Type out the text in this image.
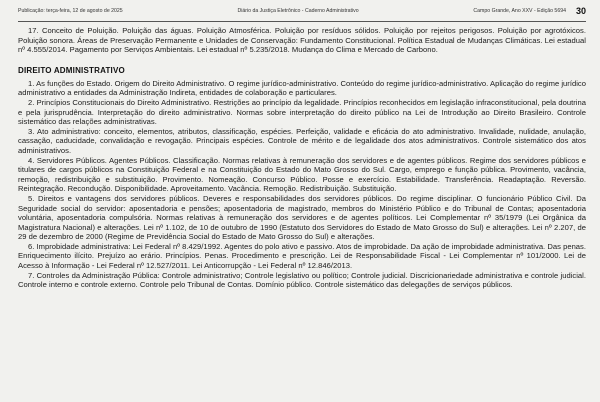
Publicação: terça-feira, 12 de agosto de 2025	Diário da Justiça Eletrônico - Caderno Administrativo	Campo Grande, Ano XXV - Edição 5694 30

17. Conceito de Poluição. Poluição das águas. Poluição Atmosférica. Poluição por resíduos sólidos. Poluição por rejeitos perigosos. Poluição por agrotóxicos. Poluição sonora. Áreas de Preservação Permanente e Unidades de Conservação: Fundamento Constitucional. Política Estadual de Mudanças Climáticas. Lei estadual nº 4.555/2014. Pagamento por Serviços Ambientais. Lei estadual nº 5.235/2018. Mudança do Clima e Mercado de Carbono.

DIREITO ADMINISTRATIVO

1. As funções do Estado. Origem do Direito Administrativo. O regime jurídico-administrativo. Conteúdo do regime jurídico-administrativo. Aplicação do regime jurídico administrativo a entidades da Administração Indireta, entidades de colaboração e particulares.

2. Princípios Constitucionais do Direito Administrativo. Restrições ao princípio da legalidade. Princípios reconhecidos em legislação infraconstitucional, pela doutrina e pela jurisprudência. Interpretação do direito administrativo. Normas sobre interpretação do direito público na Lei de Introdução ao Direito Brasileiro. Controle sistemático das relações administrativas.

3. Ato administrativo: conceito, elementos, atributos, classificação, espécies. Perfeição, validade e eficácia do ato administrativo. Invalidade, nulidade, anulação, cassação, caducidade, convalidação e revogação. Principais espécies. Controle de mérito e de legalidade dos atos administrativos. Controle sistemático dos atos administrativos.

4. Servidores Públicos. Agentes Públicos. Classificação. Normas relativas à remuneração dos servidores e de agentes públicos. Regime dos servidores públicos e titulares de cargos públicos na Constituição Federal e na Constituição do Estado do Mato Grosso do Sul. Cargo, emprego e função pública. Provimento, vacância, remoção, redistribuição e substituição. Provimento. Nomeação. Concurso Público. Posse e exercício. Estabilidade. Transferência. Readaptação. Reversão. Reintegração. Recondução. Disponibilidade. Aproveitamento. Vacância. Remoção. Redistribuição. Substituição.

5. Direitos e vantagens dos servidores públicos. Deveres e responsabilidades dos servidores públicos. Do regime disciplinar. O funcionário Público Civil. Da Seguridade social do servidor: aposentadoria e pensões; aposentadoria de magistrado, membros do Ministério Público e do Tribunal de Contas; aposentadoria voluntária, aposentadoria compulsória. Normas relativas à remuneração dos servidores e de agentes políticos. Lei Complementar nº 35/1979 (Lei Orgânica da Magistratura Nacional) e alterações. Lei nº 1.102, de 10 de outubro de 1990 (Estatuto dos Servidores do Estado de Mato Grosso do Sul) e alterações. Lei nº 2.207, de 29 de dezembro de 2000 (Regime de Previdência Social do Estado de Mato Grosso do Sul) e alterações.

6. Improbidade administrativa: Lei Federal nº 8.429/1992. Agentes do polo ativo e passivo. Atos de improbidade. Da ação de improbidade administrativa. Das penas. Enriquecimento ilícito. Prejuízo ao erário. Princípios. Penas. Procedimento e prescrição. Lei de Responsabilidade Fiscal - Lei Complementar nº 101/2000. Lei de Acesso à Informação - Lei Federal nº 12.527/2011. Lei Anticorrupção - Lei Federal nº 12.846/2013.

7. Controles da Administração Pública: Controle administrativo; Controle legislativo ou político; Controle judicial. Discricionariedade administrativa e controle judicial. Controle interno e controle externo. Controle pelo Tribunal de Contas. Domínio público. Controle sistemático das delegações de serviços públicos.
